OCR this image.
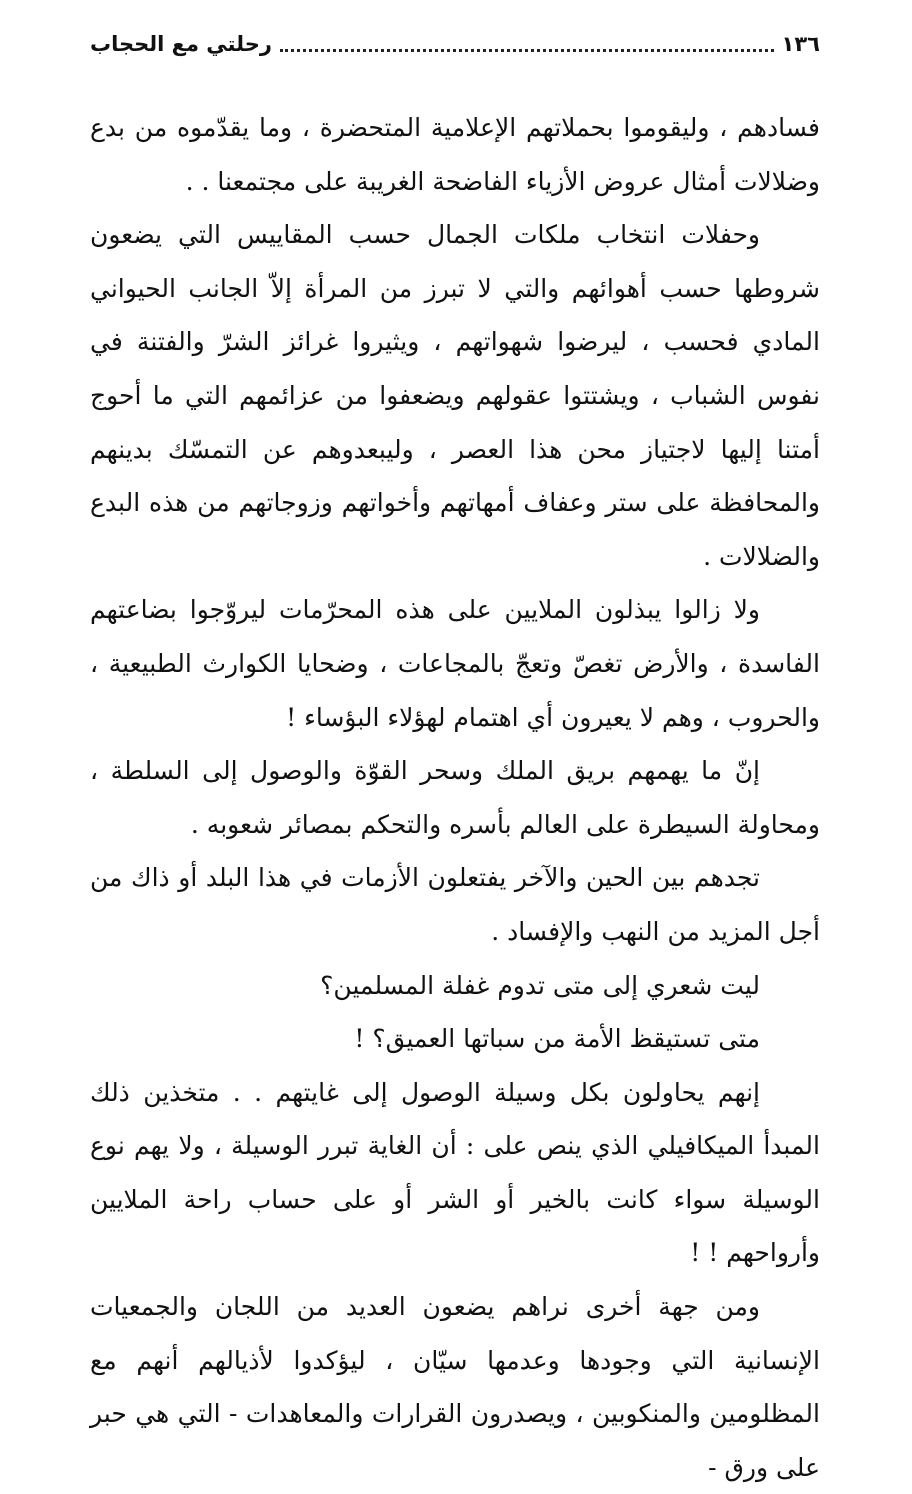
١٣٦
رحلتي مع الحجاب

فسادهم ، وليقوموا بحملاتهم الإعلامية المتحضرة ، وما يقدّموه من بدع وضلالات أمثال عروض الأزياء الفاضحة الغريبة على مجتمعنا . .

وحفلات انتخاب ملكات الجمال حسب المقاييس التي يضعون شروطها حسب أهوائهم والتي لا تبرز من المرأة إلاّ الجانب الحيواني المادي فحسب ، ليرضوا شهواتهم ، ويثيروا غرائز الشرّ والفتنة في نفوس الشباب ، ويشتتوا عقولهم ويضعفوا من عزائمهم التي ما أحوج أمتنا إليها لاجتياز محن هذا العصر ، وليبعدوهم عن التمسّك بدينهم والمحافظة على ستر وعفاف أمهاتهم وأخواتهم وزوجاتهم من هذه البدع والضلالات .

ولا زالوا يبذلون الملايين على هذه المحرّمات ليروّجوا بضاعتهم الفاسدة ، والأرض تغصّ وتعجّ بالمجاعات ، وضحايا الكوارث الطبيعية ، والحروب ، وهم لا يعيرون أي اهتمام لهؤلاء البؤساء !

إنّ ما يهمهم بريق الملك وسحر القوّة والوصول إلى السلطة ، ومحاولة السيطرة على العالم بأسره والتحكم بمصائر شعوبه .

تجدهم بين الحين والآخر يفتعلون الأزمات في هذا البلد أو ذاك من أجل المزيد من النهب والإفساد .

ليت شعري إلى متى تدوم غفلة المسلمين؟

متى تستيقظ الأمة من سباتها العميق؟ !

إنهم يحاولون بكل وسيلة الوصول إلى غايتهم . . متخذين ذلك المبدأ الميكافيلي الذي ينص على : أن الغاية تبرر الوسيلة ، ولا يهم نوع الوسيلة سواء كانت بالخير أو الشر أو على حساب راحة الملايين وأرواحهم ! !

ومن جهة أخرى نراهم يضعون العديد من اللجان والجمعيات الإنسانية التي وجودها وعدمها سيّان ، ليؤكدوا لأذيالهم أنهم مع المظلومين والمنكوبين ، ويصدرون القرارات والمعاهدات - التي هي حبر على ورق -
